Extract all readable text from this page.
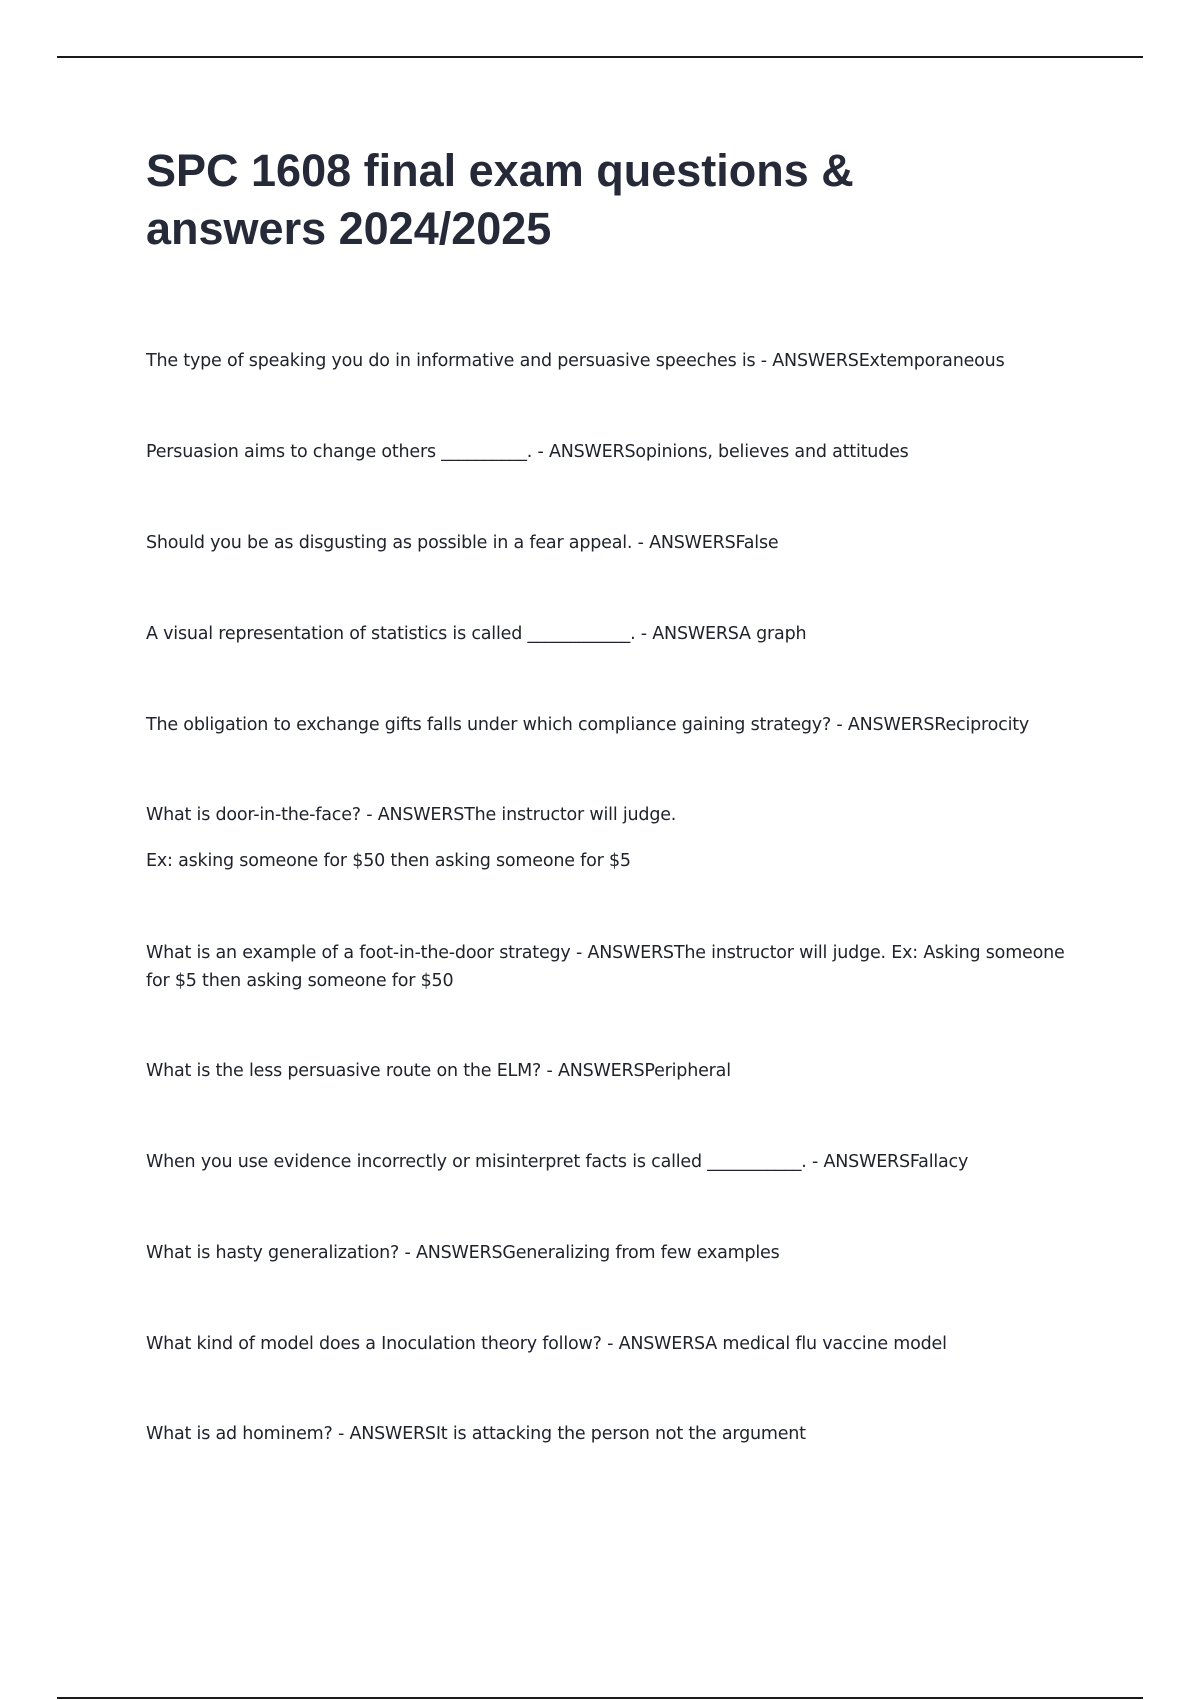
SPC 1608 final exam questions & answers 2024/2025
The type of speaking you do in informative and persuasive speeches is - ANSWERSExtemporaneous
Persuasion aims to change others __________. - ANSWERSopinions, believes and attitudes
Should you be as disgusting as possible in a fear appeal. - ANSWERSFalse
A visual representation of statistics is called ____________. - ANSWERSA graph
The obligation to exchange gifts falls under which compliance gaining strategy? - ANSWERSReciprocity

What is door-in-the-face? - ANSWERSThe instructor will judge.

Ex: asking someone for $50 then asking someone for $5

What is an example of a foot-in-the-door strategy - ANSWERSThe instructor will judge. Ex: Asking someone for $5 then asking someone for $50
What is the less persuasive route on the ELM? - ANSWERSPeripheral
When you use evidence incorrectly or misinterpret facts is called ___________. - ANSWERSFallacy
What is hasty generalization? - ANSWERSGeneralizing from few examples
What kind of model does a Inoculation theory follow? - ANSWERSA medical flu vaccine model
What is ad hominem? - ANSWERSIt is attacking the person not the argument
